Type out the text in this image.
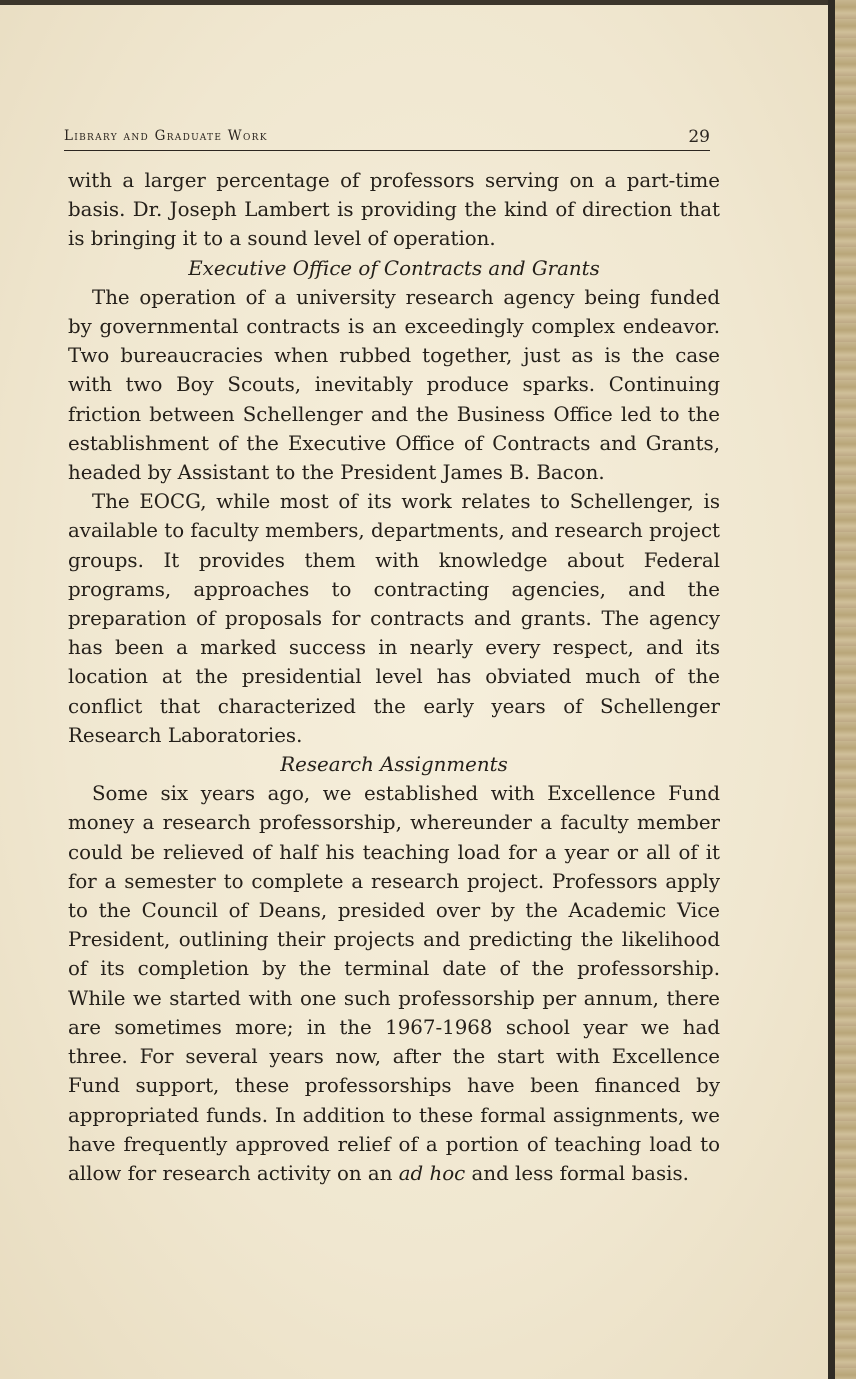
Library and Graduate Work	29

with a larger percentage of professors serving on a part-time basis. Dr. Joseph Lambert is providing the kind of direction that is bringing it to a sound level of operation.

Executive Office of Contracts and Grants

The operation of a university research agency being funded by governmental contracts is an exceedingly complex endeavor. Two bureaucracies when rubbed together, just as is the case with two Boy Scouts, inevitably produce sparks. Continuing friction between Schellenger and the Business Office led to the establishment of the Executive Office of Contracts and Grants, headed by Assistant to the President James B. Bacon.

The EOCG, while most of its work relates to Schellenger, is available to faculty members, departments, and research project groups. It provides them with knowledge about Federal programs, approaches to contracting agencies, and the preparation of proposals for contracts and grants. The agency has been a marked success in nearly every respect, and its location at the presidential level has obviated much of the conflict that characterized the early years of Schellenger Research Laboratories.

Research Assignments

Some six years ago, we established with Excellence Fund money a research professorship, whereunder a faculty member could be relieved of half his teaching load for a year or all of it for a semester to complete a research project. Professors apply to the Council of Deans, presided over by the Academic Vice President, outlining their projects and predicting the likelihood of its completion by the terminal date of the professorship. While we started with one such professorship per annum, there are sometimes more; in the 1967-1968 school year we had three. For several years now, after the start with Excellence Fund support, these professorships have been financed by appropriated funds. In addition to these formal assignments, we have frequently approved relief of a portion of teaching load to allow for research activity on an ad hoc and less formal basis.
